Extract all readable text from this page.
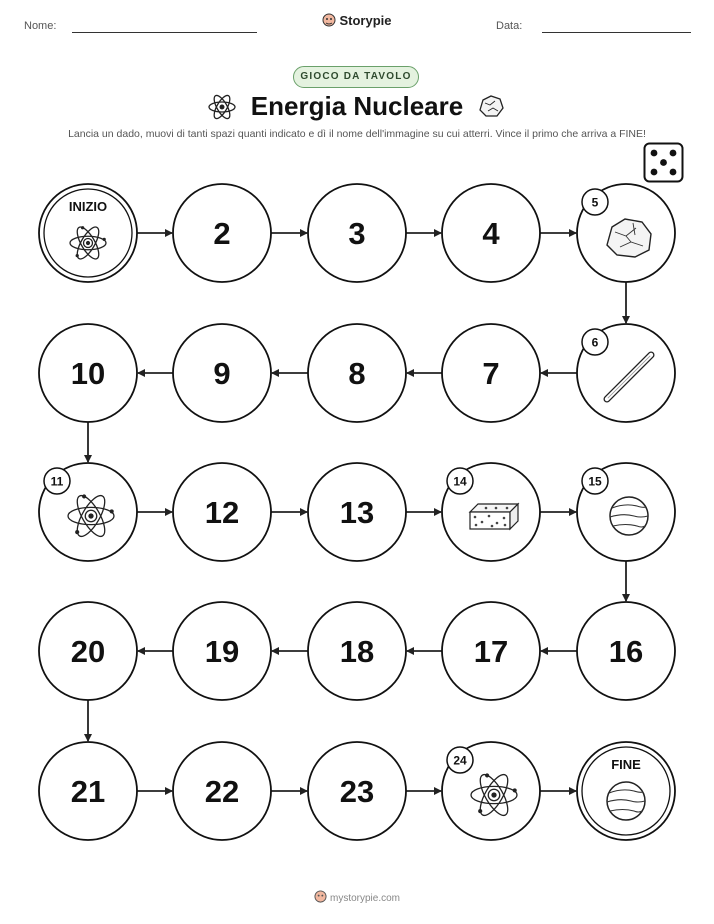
Nome:	Storypie	Data:
GIOCO DA TAVOLO
Energia Nucleare
Lancia un dado, muovi di tanti spazi quanti indicato e dì il nome dell'immagine su cui atterri. Vince il primo che arriva a FINE!
INIZIO
2	3	4
5
6
7
8
9
10
11
12	13
14	15
16
17
18
19
20
21	22	23
24	FINE
mystorypie.com
